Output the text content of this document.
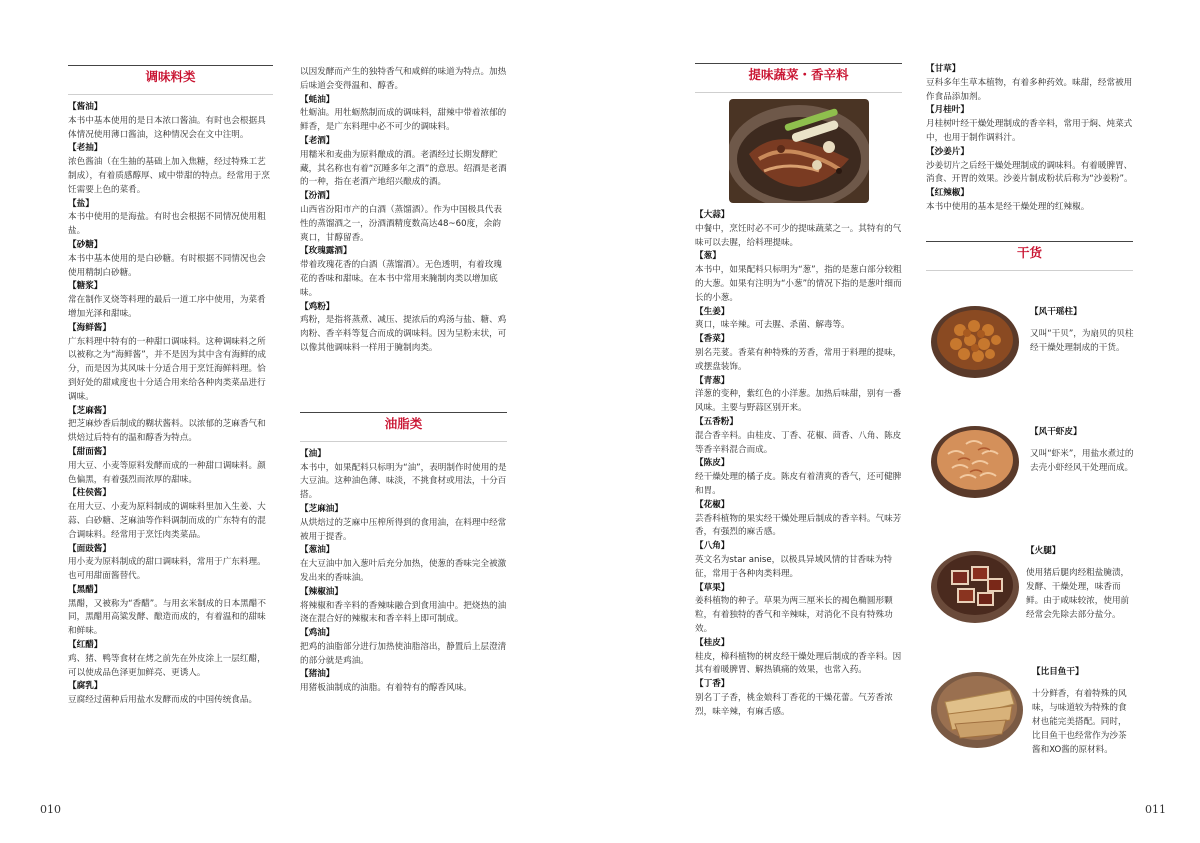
调味料类

【酱油】

本书中基本使用的是日本浓口酱油。有时也会根据具体情况使用薄口酱油，这种情况会在文中注明。

【老抽】

浓色酱油（在生抽的基础上加入焦糖，经过特殊工艺制成），有着质感醇厚、咸中带甜的特点。经常用于烹饪需要上色的菜肴。

【盐】

本书中使用的是海盐。有时也会根据不同情况使用粗盐。

【砂糖】

本书中基本使用的是白砂糖。有时根据不同情况也会使用精制白砂糖。

【糖浆】

常在制作叉烧等料理的最后一道工序中使用，为菜肴增加光泽和甜味。

【海鲜酱】

广东料理中特有的一种甜口调味料。这种调味料之所以被称之为“海鲜酱”，并不是因为其中含有海鲜的成分，而是因为其风味十分适合用于烹饪海鲜料理。恰到好处的甜咸度也十分适合用来给各种肉类菜品进行调味。

【芝麻酱】

把芝麻炒香后制成的糊状酱料。以浓郁的芝麻香气和烘焙过后特有的温和醇香为特点。

【甜面酱】

用大豆、小麦等原料发酵而成的一种甜口调味料。颜色偏黑，有着强烈而浓厚的甜味。

【柱侯酱】

在用大豆、小麦为原料制成的调味料里加入生姜、大蒜、白砂糖、芝麻油等作料调制而成的广东特有的混合调味料。经常用于烹饪肉类菜品。

【面豉酱】

用小麦为原料制成的甜口调味料，常用于广东料理。也可用甜面酱替代。

【黑醋】

黑醋，又被称为“香醋”。与用玄米制成的日本黑醋不同，黑醋用高粱发酵、酿造而成的，有着温和的甜味和鲜味。

【红醋】

鸡、猪、鸭等食材在烤之前先在外皮涂上一层红醋，可以使成品色泽更加鲜亮、更诱人。

【腐乳】

豆腐经过菌种后用盐水发酵而成的中国传统食品。

以因发酵而产生的独特香气和咸鲜的味道为特点。加热后味道会变得温和、醇香。

【蚝油】

牡蛎油。用牡蛎熬制而成的调味料，甜辣中带着浓郁的鲜香，是广东料理中必不可少的调味料。

【老酒】

用糯米和麦曲为原料酿成的酒。老酒经过长期发酵贮藏，其名称也有着“沉睡多年之酒”的意思。绍酒是老酒的一种，指在老酒产地绍兴酿成的酒。

【汾酒】

山西省汾阳市产的白酒（蒸馏酒）。作为中国极具代表性的蒸馏酒之一，汾酒酒精度数高达48~60度，余韵爽口，甘醇留香。

【玫瑰露酒】

带着玫瑰花香的白酒（蒸馏酒）。无色透明，有着玫瑰花的香味和甜味。在本书中常用来腌制肉类以增加底味。

【鸡粉】

鸡粉，是指将蒸煮、减压、提浓后的鸡汤与盐、糖、鸡肉粉、香辛料等复合而成的调味料。因为呈粉末状，可以像其他调味料一样用于腌制肉类。

油脂类

【油】

本书中，如果配料只标明为“油”，表明制作时使用的是大豆油。这种油色薄、味淡，不挑食材或用法，十分百搭。

【芝麻油】

从烘焙过的芝麻中压榨所得到的食用油，在料理中经常被用于提香。

【葱油】

在大豆油中加入葱叶后充分加热，使葱的香味完全被激发出来的香味油。

【辣椒油】

将辣椒和香辛料的香辣味融合到食用油中。把烧热的油浇在混合好的辣椒末和香辛料上即可制成。

【鸡油】

把鸡的油脂部分进行加热使油脂溶出，静置后上层澄清的部分就是鸡油。

【猪油】

用猪板油制成的油脂。有着特有的醇香风味。

010
提味蔬菜・香辛料

【大蒜】

中餐中，烹饪时必不可少的提味蔬菜之一。其特有的气味可以去腥，给料理提味。

【葱】

本书中，如果配料只标明为“葱”，指的是葱白部分较粗的大葱。如果有注明为“小葱”的情况下指的是葱叶细而长的小葱。

【生姜】

爽口，味辛辣。可去腥、杀菌、解毒等。

【香菜】

别名芫荽。香菜有种特殊的芳香，常用于料理的提味，或摆盘装饰。

【青葱】

洋葱的变种，紫红色的小洋葱。加热后味甜，别有一番风味。主要与野蒜区别开来。

【五香粉】

混合香辛料。由桂皮、丁香、花椒、茴香、八角、陈皮等香辛料混合而成。

【陈皮】

经干燥处理的橘子皮。陈皮有着清爽的香气，还可健脾和胃。

【花椒】

芸香科植物的果实经干燥处理后制成的香辛料。气味芳香，有强烈的麻舌感。

【八角】

英文名为star anise，以极具异域风情的甘香味为特征，常用于各种肉类料理。

【草果】

姜科植物的种子。草果为两三厘米长的褐色椭圆形颗粒，有着独特的香气和辛辣味，对消化不良有特殊功效。

【桂皮】

桂皮，樟科植物的树皮经干燥处理后制成的香辛料。因其有着暖脾胃、解热镇痛的效果，也常入药。

【丁香】

别名丁子香，桃金娘科丁香花的干燥花蕾。气芳香浓烈，味辛辣，有麻舌感。

【甘草】

豆科多年生草本植物，有着多种药效。味甜，经常被用作食品添加剂。

【月桂叶】

月桂树叶经干燥处理制成的香辛料，常用于焖、炖菜式中，也用于制作调料汁。

【沙姜片】

沙姜切片之后经干燥处理制成的调味料。有着暖脾胃、消食、开胃的效果。沙姜片制成粉状后称为“沙姜粉”。

【红辣椒】

本书中使用的基本是经干燥处理的红辣椒。

干货
011

【风干瑶柱】

又叫“干贝”，为扇贝的贝柱经干燥处理制成的干货。

【风干虾皮】

又叫“虾米”，用盐水煮过的去壳小虾经风干处理而成。

【火腿】

使用猪后腿肉经粗盐腌渍，发酵、干燥处理，味香而鲜。由于咸味较浓，使用前经常会先除去部分盐分。

【比目鱼干】

十分鲜香，有着特殊的风味，与味道较为特殊的食材也能完美搭配。同时，比目鱼干也经常作为沙茶酱和XO酱的原材料。
